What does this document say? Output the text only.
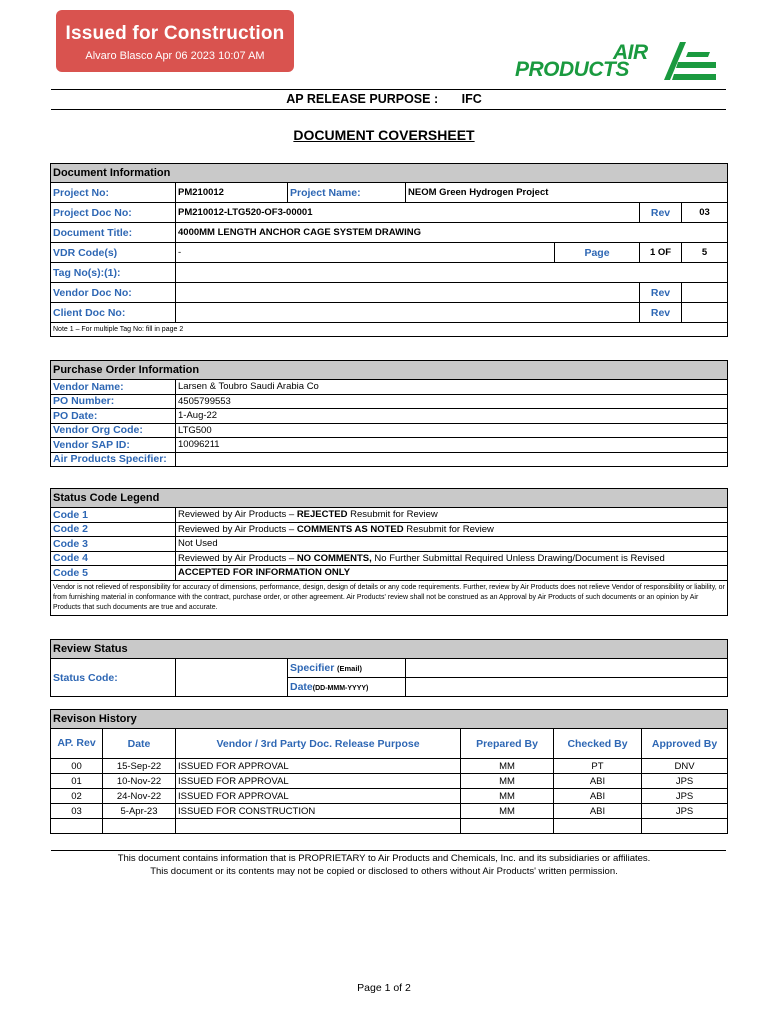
Issued for Construction
Alvaro Blasco Apr 06 2023 10:07 AM	AIR
PRODUCTS
AP RELEASE PURPOSE : IFC
DOCUMENT COVERSHEET
Document Information						
Project No:	PM210012	Project Name:	NEOM Green Hydrogen Project			
Project Doc No:	PM210012-LTG520-OF3-00001				Rev	03
Document Title:	4000MM LENGTH ANCHOR CAGE SYSTEM DRAWING					
VDR Code(s)	-			Page	1 OF	5
Tag No(s):(1):						
Vendor Doc No:					Rev	
Client Doc No:					Rev	
Note 1 – For multiple Tag No: fill in page 2						
Purchase Order Information	
Vendor Name:	Larsen & Toubro Saudi Arabia Co
PO Number:	4505799553
PO Date:	1-Aug-22
Vendor Org Code:	LTG500
Vendor SAP ID:	10096211
Air Products Specifier:	
Status Code Legend	
Code 1	Reviewed by Air Products – REJECTED Resubmit for Review
Code 2	Reviewed by Air Products – COMMENTS AS NOTED Resubmit for Review
Code 3	Not Used
Code 4	Reviewed by Air Products – NO COMMENTS, No Further Submittal Required Unless Drawing/Document is Revised
Code 5	ACCEPTED FOR INFORMATION ONLY
Vendor is not relieved of responsibility for accuracy of dimensions, performance, design, design of details or any code requirements. Further, review by Air Products does not relieve Vendor of responsibility or liability, or from furnishing material in conformance with the contract, purchase order, or other agreement. Air Products' review shall not be construed as an Approval by Air Products of such documents or an opinion by Air Products that such documents are true and accurate.	
Review Status			
Status Code:		Specifier (Email)	
		Date(DD-MMM-YYYY)	
Revison History					
AP. Rev	Date	Vendor / 3rd Party Doc. Release Purpose	Prepared By	Checked By	Approved By
00	15-Sep-22	ISSUED FOR APPROVAL	MM	PT	DNV
01	10-Nov-22	ISSUED FOR APPROVAL	MM	ABI	JPS
02	24-Nov-22	ISSUED FOR APPROVAL	MM	ABI	JPS
03	5-Apr-23	ISSUED FOR CONSTRUCTION	MM	ABI	JPS

This document contains information that is PROPRIETARY to Air Products and Chemicals, Inc. and its subsidiaries or affiliates.
This document or its contents may not be copied or disclosed to others without Air Products' written permission.
Page 1 of 2
